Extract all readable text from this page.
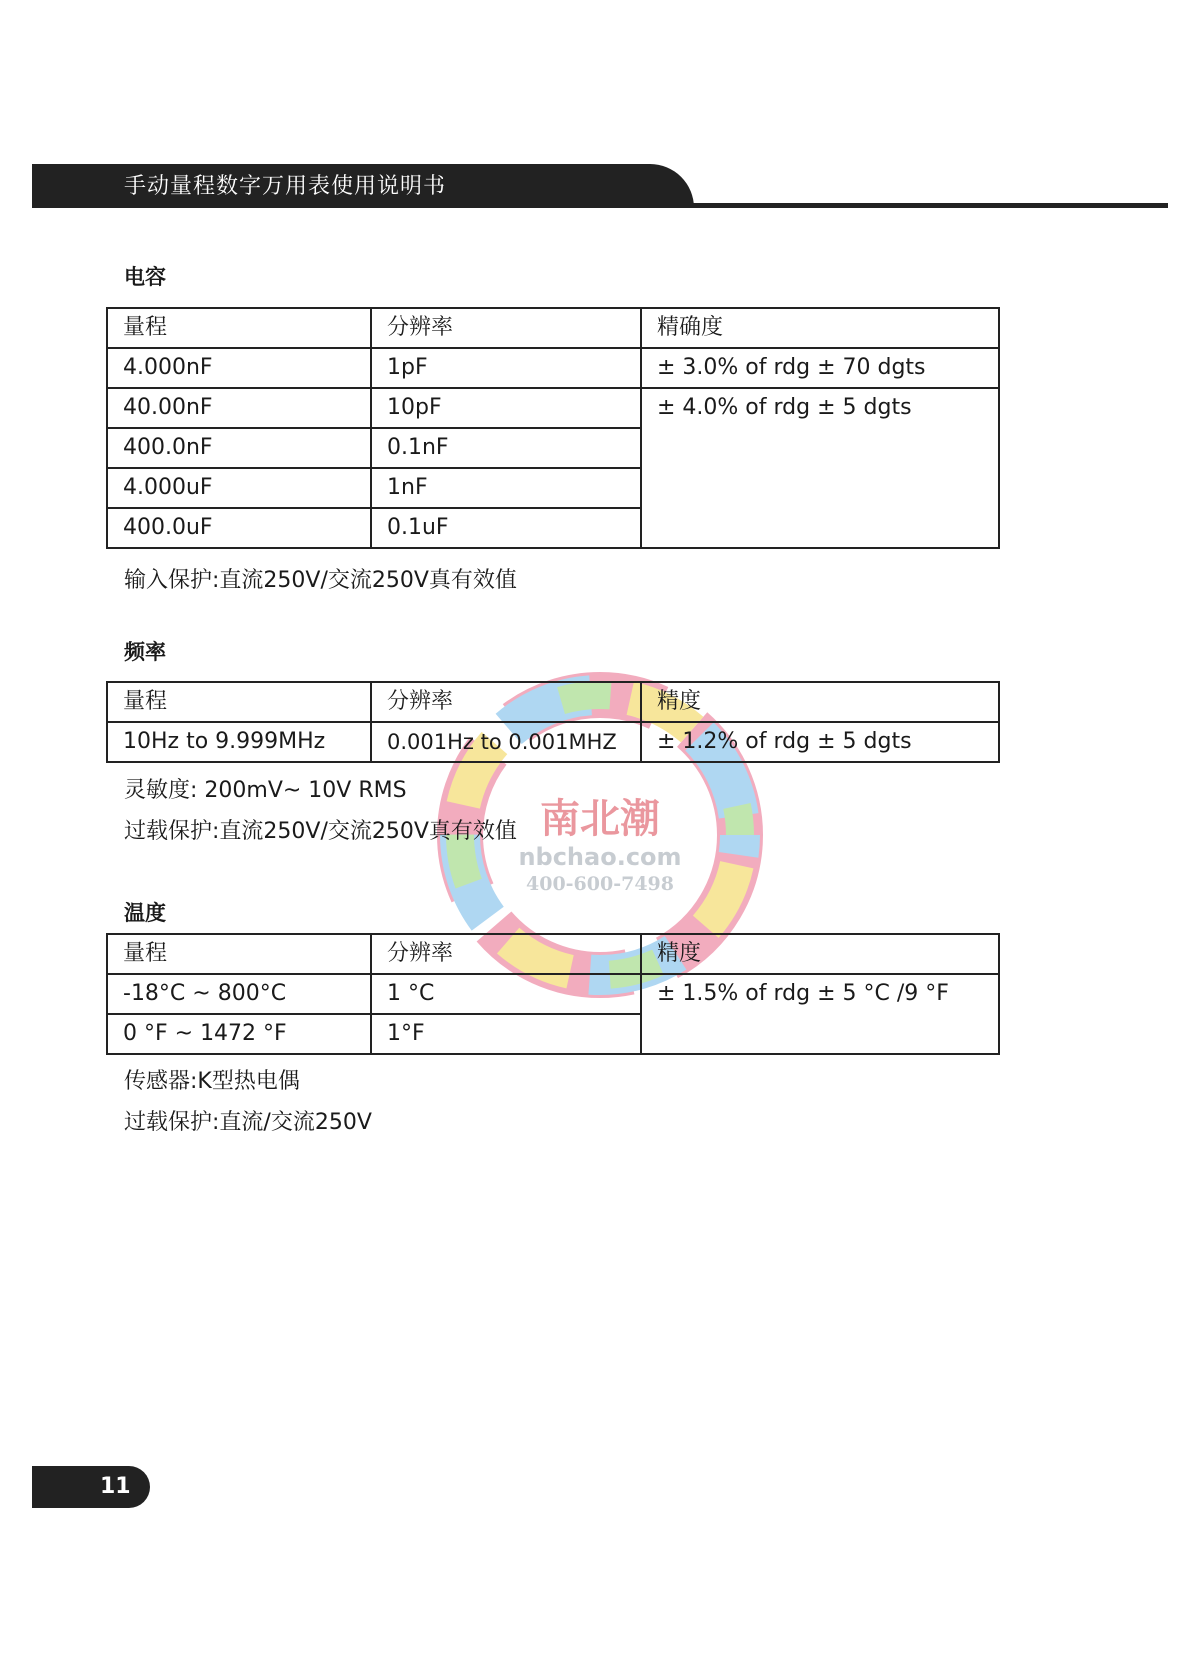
手动量程数字万用表使用说明书
电容
量程	分辨率	精确度
4.000nF	1pF	± 3.0% of rdg ± 70 dgts
40.00nF	10pF	± 4.0% of rdg ± 5 dgts
400.0nF	0.1nF	
4.000uF	1nF	
400.0uF	0.1uF	
输入保护:直流250V/交流250V真有效值
南北潮
nbchao.com
400-600-7498
频率
量程	分辨率	精度
10Hz to 9.999MHz	0.001Hz to 0.001MHZ	± 1.2% of rdg ± 5 dgts
灵敏度: 200mV~ 10V RMS
过载保护:直流250V/交流250V真有效值
温度
量程	分辨率	精度
-18°C ~ 800°C	1 °C	± 1.5% of rdg ± 5 °C /9 °F
0 °F ~ 1472 °F	1°F	
传感器:K型热电偶
过载保护:直流/交流250V
11
